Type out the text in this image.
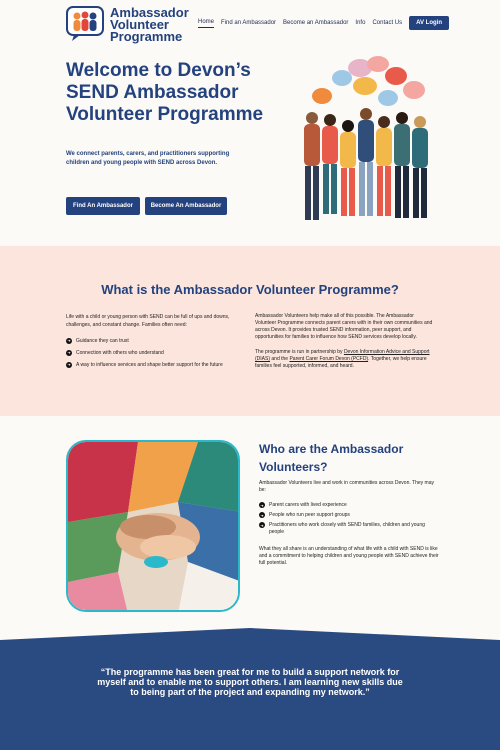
Ambassador
Volunteer
Programme
Home Find an Ambassador Become an Ambassador Info Contact Us	AV Login
Welcome to Devon’s SEND Ambassador Volunteer Programme

We connect parents, carers, and practitioners supporting children and young people with SEND across Devon.

Find An Ambassador	Become An Ambassador
What is the Ambassador Volunteer Programme?

Life with a child or young person with SEND can be full of ups and downs, challenges, and constant change. Families often need:

➜ Guidance they can trust
➜ Connection with others who understand
➜ A way to influence services and shape better support for the future

Ambassador Volunteers help make all of this possible. The Ambassador Volunteer Programme connects parent carers with in their own communities and across Devon. It provides trusted SEND information, peer support, and opportunities for families to influence how SEND services develop locally.

The programme is run in partnership by Devon Information Advice and Support (DIAS) and the Parent Carer Forum Devon (PCFD). Together, we help ensure families feel supported, informed, and heard.

Who are the Ambassador Volunteers?

Ambassador Volunteers live and work in communities across Devon. They may be:

➜ Parent carers with lived experience
➜ People who run peer support groups
➜ Practitioners who work closely with SEND families, children and young people

What they all share is an understanding of what life with a child with SEND is like and a commitment to helping children and young people with SEND achieve their full potential.

“The programme has been great for me to build a support network for myself and to enable me to support others. I am learning new skills due to being part of the project and expanding my network.”
